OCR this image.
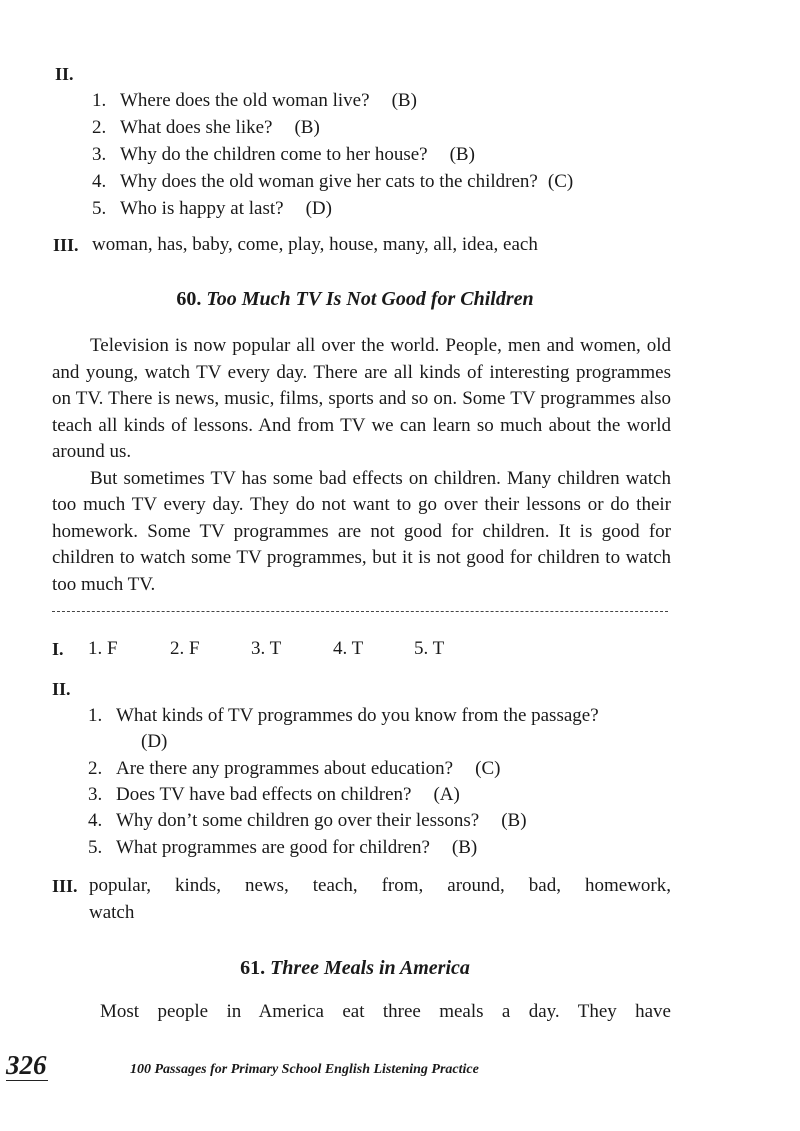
II.
1. Where does the old woman live? (B)
2. What does she like? (B)
3. Why do the children come to her house? (B)
4. Why does the old woman give her cats to the children? (C)
5. Who is happy at last? (D)
III. woman, has, baby, come, play, house, many, all, idea, each
60. Too Much TV Is Not Good for Children

Television is now popular all over the world. People, men and women, old and young, watch TV every day. There are all kinds of interesting programmes on TV. There is news, music, films, sports and so on. Some TV programmes also teach all kinds of lessons. And from TV we can learn so much about the world around us.

But sometimes TV has some bad effects on children. Many children watch too much TV every day. They do not want to go over their lessons or do their homework. Some TV programmes are not good for children. It is good for children to watch some TV programmes, but it is not good for children to watch too much TV.

I. 1. F	2. F	3. T	4. T	5. T
II.
1. What kinds of TV programmes do you know from the passage?
(D)
2. Are there any programmes about education? (C)
3. Does TV have bad effects on children? (A)
4. Why don’t some children go over their lessons? (B)
5. What programmes are good for children? (B)
III. popular, kinds, news, teach, from, around, bad, homework,
watch
61. Three Meals in America
Most people in America eat three meals a day. They have
326	100 Passages for Primary School English Listening Practice
